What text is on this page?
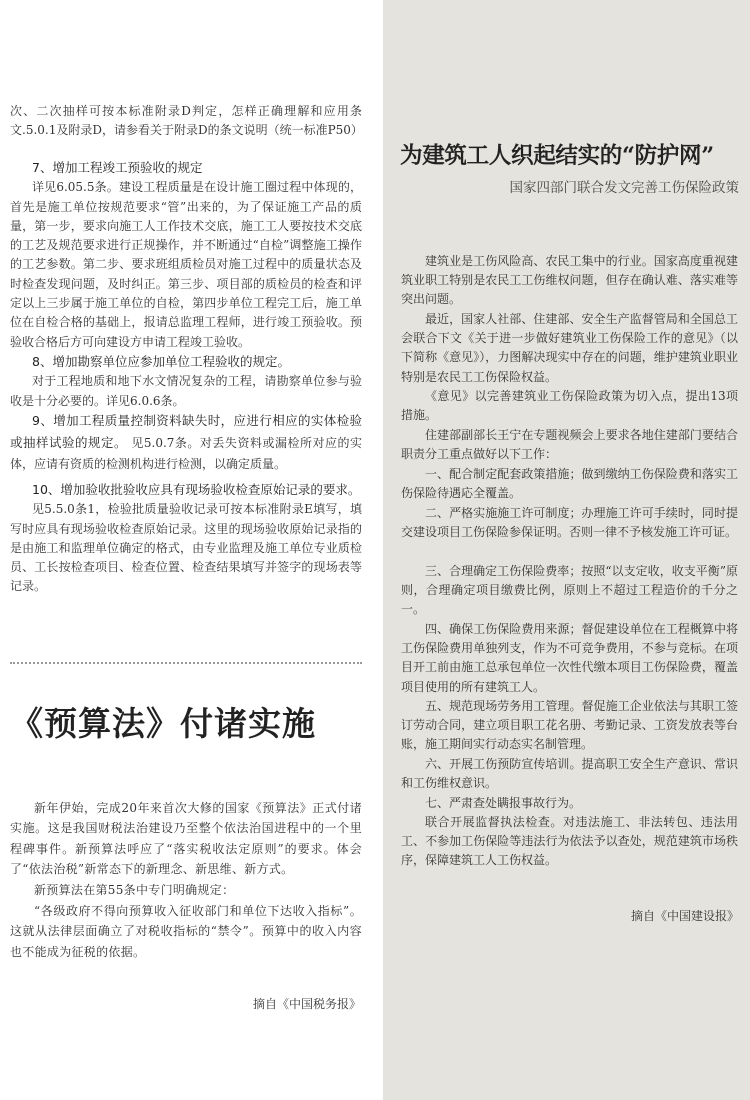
次、二次抽样可按本标准附录D判定，怎样正确理解和应用条文.5.0.1及附录D，请参看关于附录D的条文说明（统一标准P50）

7、增加工程竣工预验收的规定
详见6.05.5条。建设工程质量是在设计施工圈过程中体现的，首先是施工单位按规范要求“管”出来的，为了保证施工产品的质量，第一步，要求向施工人工作技术交底，施工工人要按技术交底的工艺及规范要求进行正规操作，并不断通过“自检”调整施工操作的工艺参数。第二步、要求班组质检员对施工过程中的质量状态及时检查发现问题，及时纠正。第三步、项目部的质检员的检查和评定以上三步属于施工单位的自检，第四步单位工程完工后，施工单位在自检合格的基础上，报请总监理工程师，进行竣工预验收。预验收合格后方可向建设方申请工程竣工验收。

8、增加勘察单位应参加单位工程验收的规定。
对于工程地质和地下水文情况复杂的工程，请勘察单位参与验收是十分必要的。详见6.0.6条。

9、增加工程质量控制资料缺失时，应进行相应的实体检验或抽样试验的规定。 见5.0.7条。对丢失资料或漏检所对应的实体，应请有资质的检测机构进行检测，以确定质量。

10、增加验收批验收应具有现场验收检查原始记录的要求。
见5.5.0条1，检验批质量验收记录可按本标准附录E填写，填写时应具有现场验收检查原始记录。这里的现场验收原始记录指的是由施工和监理单位确定的格式，由专业监理及施工单位专业质检员、工长按检查项目、检查位置、检查结果填写并签字的现场表等记录。

《预算法》付诸实施

新年伊始，完成20年来首次大修的国家《预算法》正式付诸实施。这是我国财税法治建设乃至整个依法治国进程中的一个里程碑事件。新预算法呼应了“落实税收法定原则”的要求。体会了“依法治税”新常态下的新理念、新思维、新方式。

新预算法在第55条中专门明确规定：

“各级政府不得向预算收入征收部门和单位下达收入指标”。这就从法律层面确立了对税收指标的“禁令”。预算中的收入内容也不能成为征税的依据。

摘自《中国税务报》

为建筑工人织起结实的“防护网”

国家四部门联合发文完善工伤保险政策

建筑业是工伤风险高、农民工集中的行业。国家高度重视建筑业职工特别是农民工工伤维权问题，但存在确认难、落实难等突出问题。

最近，国家人社部、住建部、安全生产监督管局和全国总工会联合下文《关于进一步做好建筑业工伤保险工作的意见》（以下简称《意见》），力图解决现实中存在的问题，维护建筑业职业特别是农民工工伤保险权益。

《意见》以完善建筑业工伤保险政策为切入点，提出13项措施。

住建部副部长王宁在专题视频会上要求各地住建部门要结合职责分工重点做好以下工作：

一、配合制定配套政策措施；做到缴纳工伤保险费和落实工伤保险待遇応全覆盖。

二、严格实施施工许可制度；办理施工许可手续时，同时提交建设项目工伤保险参保证明。否则一律不予核发施工许可证。

三、合理确定工伤保险费率；按照“以支定收，收支平衡”原则，合理确定项目缴费比例，原则上不超过工程造价的千分之一。

四、确保工伤保险费用来源；督促建设单位在工程概算中将工伤保险费用单独列支，作为不可竞争费用，不参与竞标。在项目开工前由施工总承包单位一次性代缴本项目工伤保险费，覆盖项目使用的所有建筑工人。

五、规范现场劳务用工管理。督促施工企业依法与其职工签订劳动合同，建立项目职工花名册、考勤记录、工资发放表等台账，施工期间实行动态实名制管理。

六、开展工伤预防宣传培训。提高职工安全生产意识、常识和工伤维权意识。

七、严肃查处瞒报事故行为。

联合开展监督执法检查。对违法施工、非法转包、违法用工、不参加工伤保险等违法行为依法予以查处，规范建筑市场秩序，保障建筑工人工伤权益。

摘自《中国建设报》
